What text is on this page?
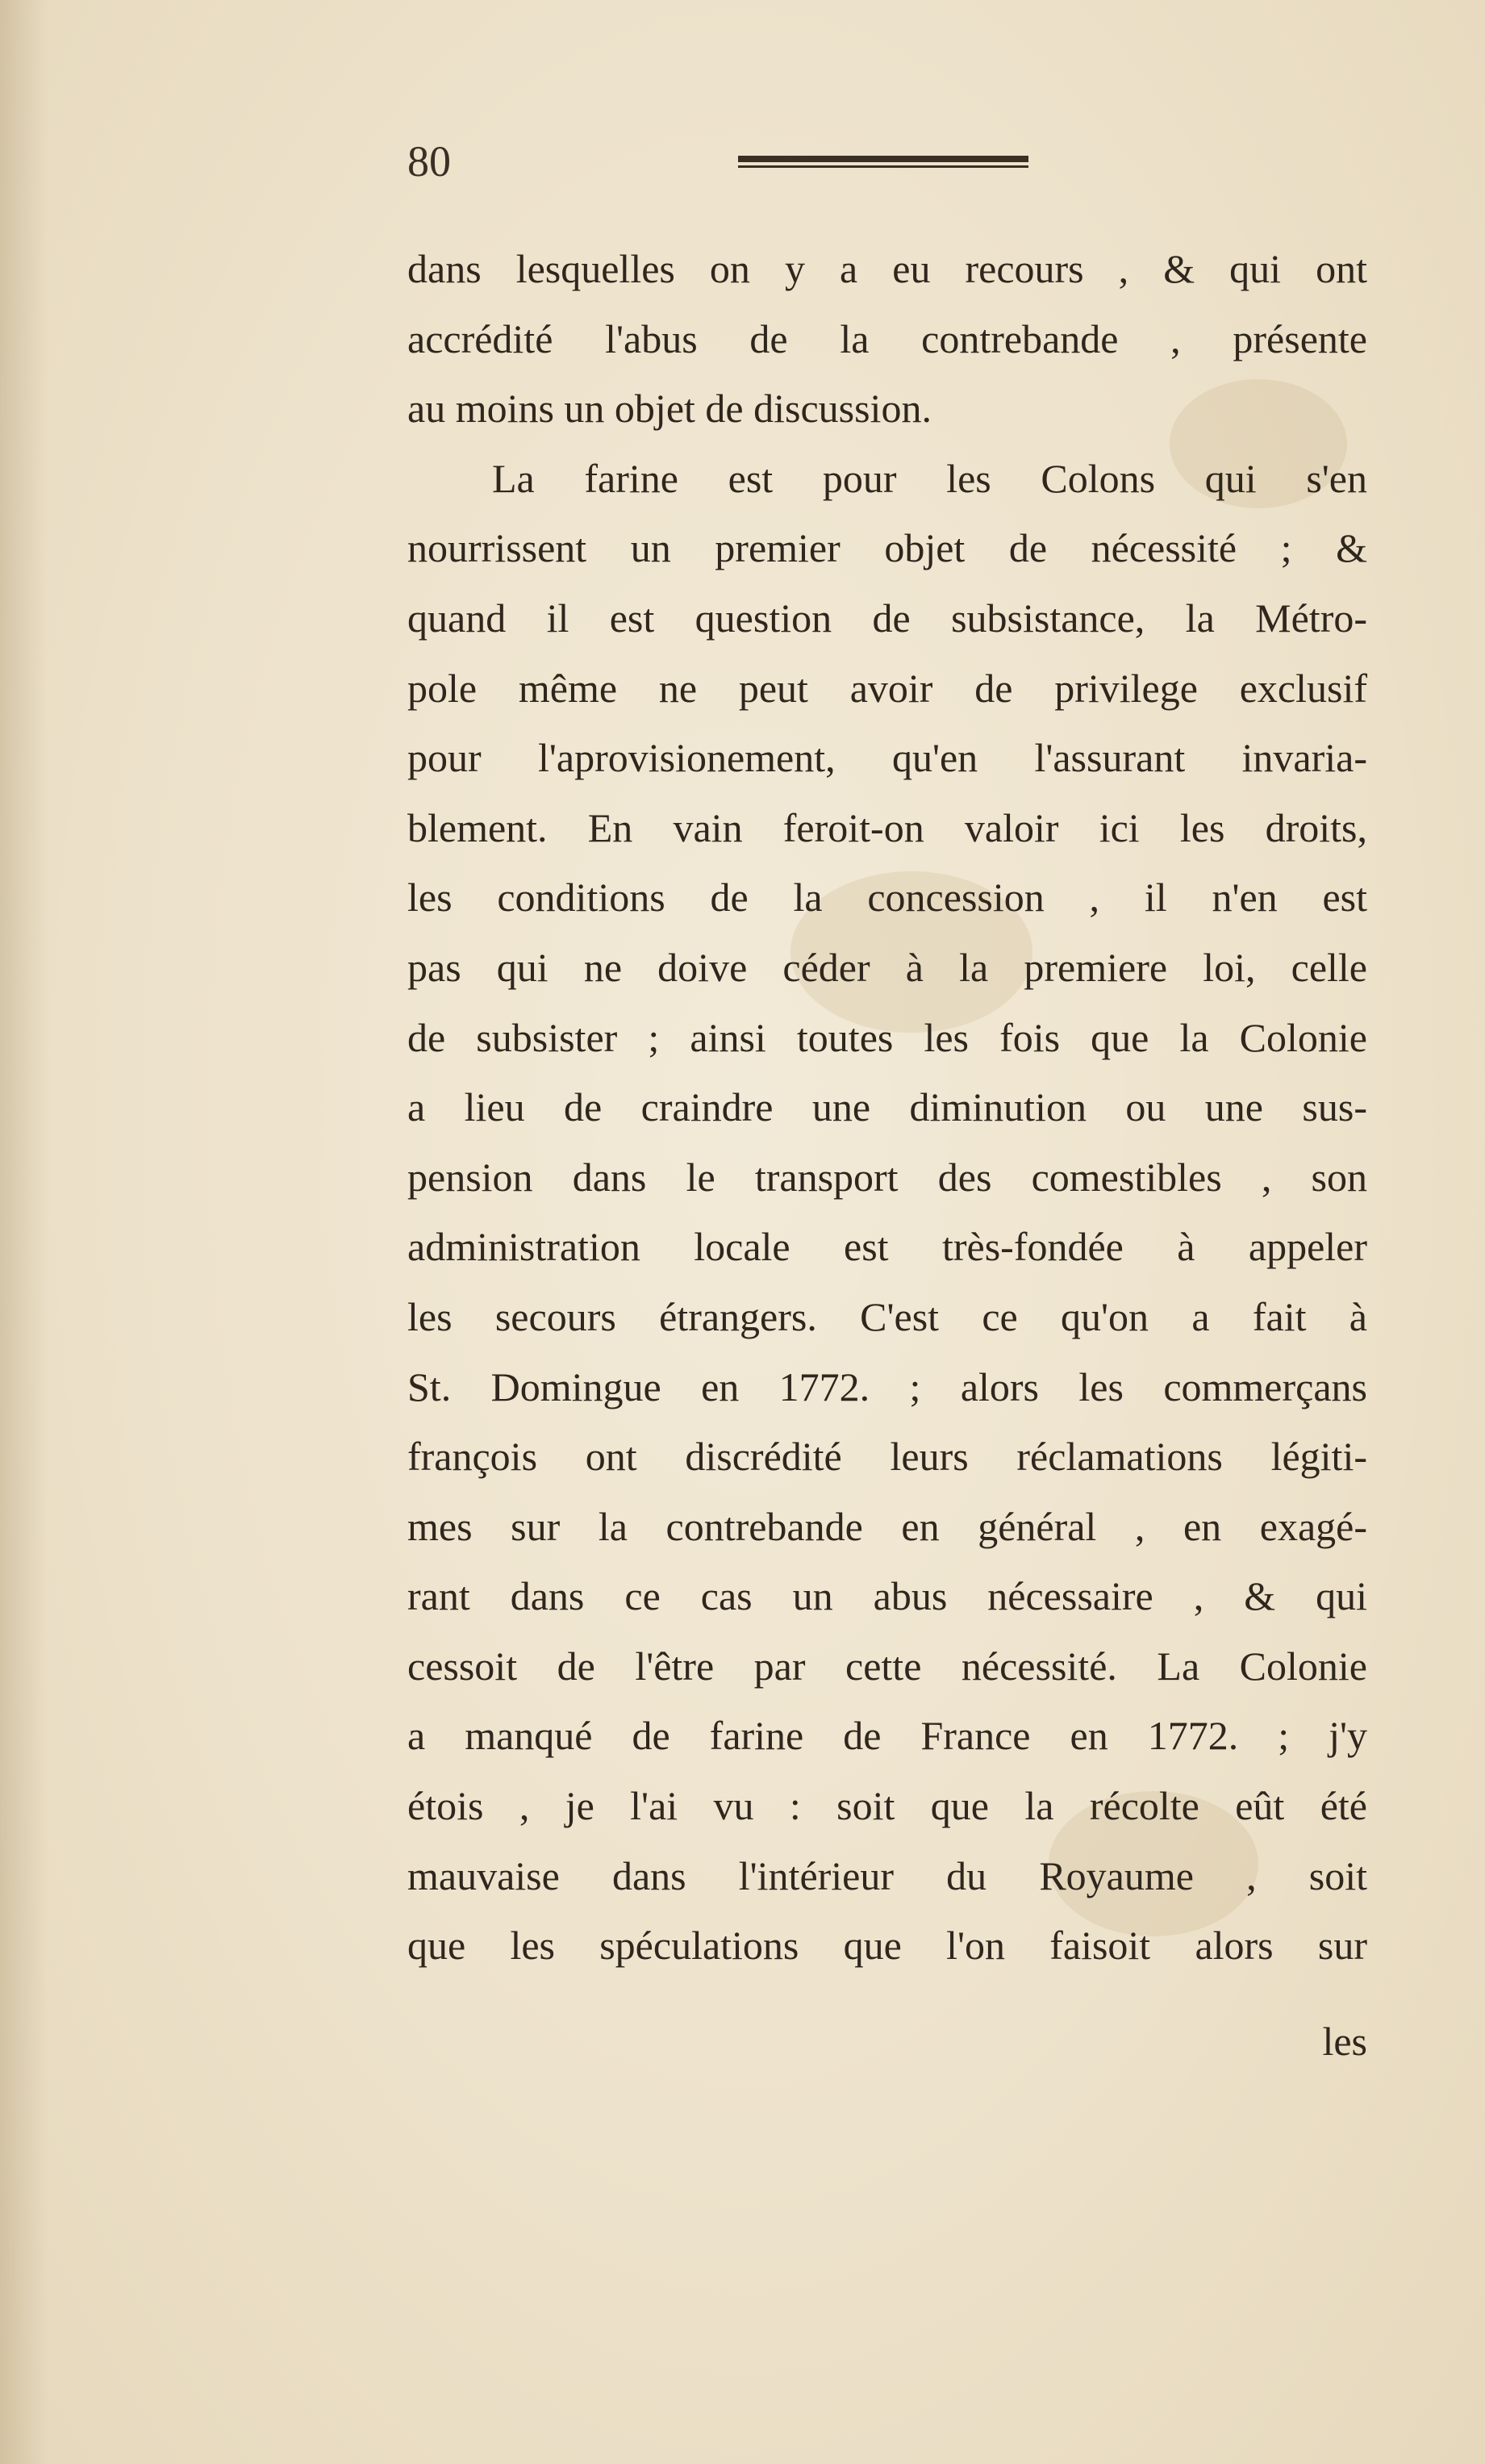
80
dans lesquelles on y a eu recours , & qui ont
accrédité l'abus de la contrebande , présente
au moins un objet de discussion.
La farine est pour les Colons qui s'en
nourrissent un premier objet de nécessité ; &
quand il est question de subsistance, la Métro-
pole même ne peut avoir de privilege exclusif
pour l'aprovisionement, qu'en l'assurant invaria-
blement. En vain feroit-on valoir ici les droits,
les conditions de la concession , il n'en est
pas qui ne doive céder à la premiere loi, celle
de subsister ; ainsi toutes les fois que la Colonie
a lieu de craindre une diminution ou une sus-
pension dans le transport des comestibles , son
administration locale est très-fondée à appeler
les secours étrangers. C'est ce qu'on a fait à
St. Domingue en 1772. ; alors les commerçans
françois ont discrédité leurs réclamations légiti-
mes sur la contrebande en général , en exagé-
rant dans ce cas un abus nécessaire , & qui
cessoit de l'être par cette nécessité. La Colonie
a manqué de farine de France en 1772. ; j'y
étois , je l'ai vu : soit que la récolte eût été
mauvaise dans l'intérieur du Royaume , soit
que les spéculations que l'on faisoit alors sur
les
